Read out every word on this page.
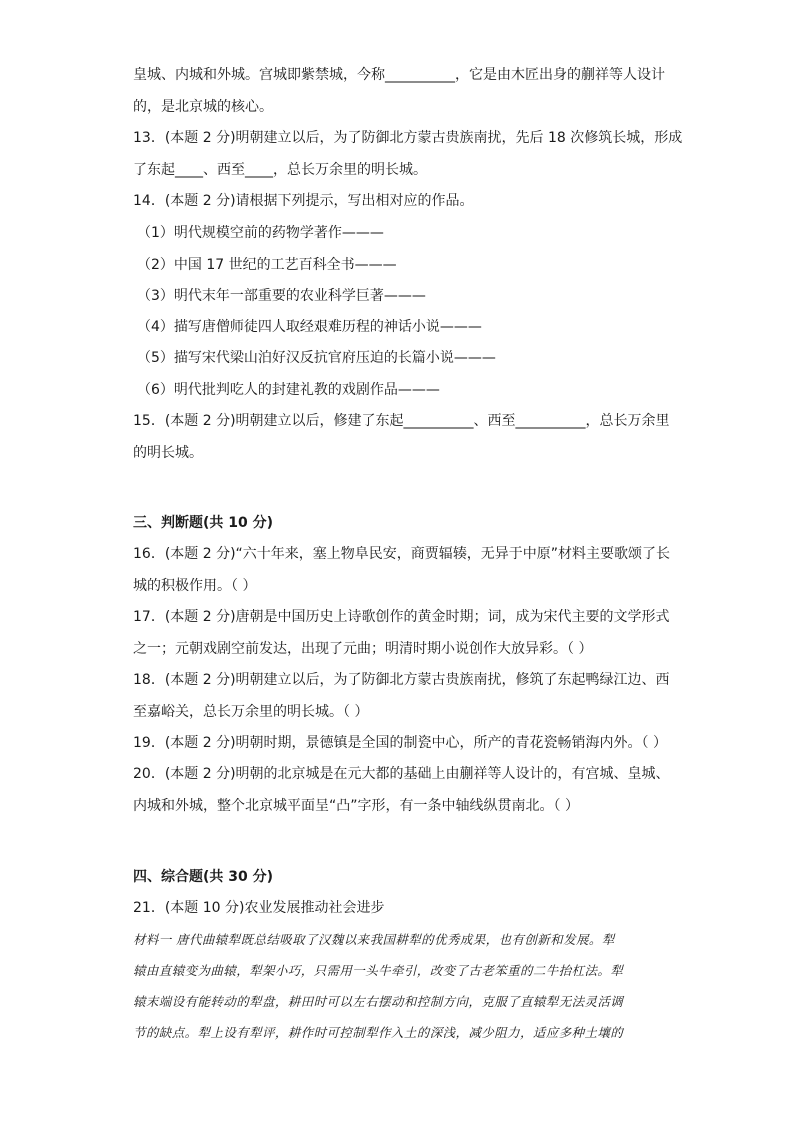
皇城、内城和外城。宫城即紫禁城，今称__________，它是由木匠出身的蒯祥等人设计
的，是北京城的核心。
13．(本题 2 分)明朝建立以后，为了防御北方蒙古贵族南扰，先后 18 次修筑长城，形成
了东起____、西至____，总长万余里的明长城。
14．(本题 2 分)请根据下列提示，写出相对应的作品。
（1）明代规模空前的药物学著作———
（2）中国 17 世纪的工艺百科全书———
（3）明代末年一部重要的农业科学巨著———
（4）描写唐僧师徒四人取经艰难历程的神话小说———
（5）描写宋代梁山泊好汉反抗官府压迫的长篇小说———
（6）明代批判吃人的封建礼教的戏剧作品———
15．(本题 2 分)明朝建立以后，修建了东起__________、西至__________，总长万余里
的明长城。
三、判断题(共 10 分)
16．(本题 2 分)“六十年来，塞上物阜民安，商贾辐辏，无异于中原”材料主要歌颂了长
城的积极作用。（ ）
17．(本题 2 分)唐朝是中国历史上诗歌创作的黄金时期；词，成为宋代主要的文学形式
之一；元朝戏剧空前发达，出现了元曲；明清时期小说创作大放异彩。（ ）
18．(本题 2 分)明朝建立以后，为了防御北方蒙古贵族南扰，修筑了东起鸭绿江边、西
至嘉峪关，总长万余里的明长城。（ ）
19．(本题 2 分)明朝时期，景德镇是全国的制瓷中心，所产的青花瓷畅销海内外。（ ）
20．(本题 2 分)明朝的北京城是在元大都的基础上由蒯祥等人设计的，有宫城、皇城、
内城和外城，整个北京城平面呈“凸”字形，有一条中轴线纵贯南北。（ ）
四、综合题(共 30 分)
21．(本题 10 分)农业发展推动社会进步
材料一 唐代曲辕犁既总结吸取了汉魏以来我国耕犁的优秀成果，也有创新和发展。犁
辕由直辕变为曲辕，犁架小巧，只需用一头牛牵引，改变了古老笨重的二牛抬杠法。犁
辕末端设有能转动的犁盘，耕田时可以左右摆动和控制方向，克服了直辕犁无法灵活调
节的缺点。犁上设有犁评，耕作时可控制犁作入土的深浅，减少阻力，适应多种土壤的
